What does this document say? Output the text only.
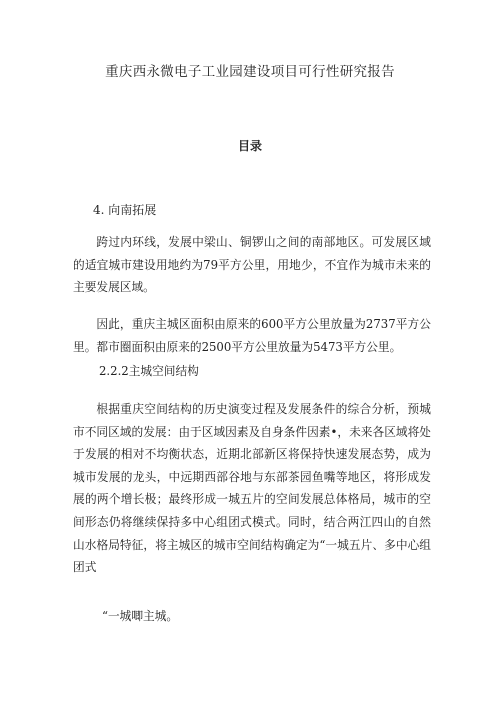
重庆西永微电子工业园建设项目可行性研究报告
目录
4. 向南拓展

跨过内环线，发展中梁山、铜锣山之间的南部地区。可发展区域的适宜城市建设用地约为79平方公里，用地少，不宜作为城市未来的主要发展区域。

因此，重庆主城区面积由原来的600平方公里放量为2737平方公里。都市圈面积由原来的2500平方公里放量为5473平方公里。

2.2.2主城空间结构

根据重庆空间结构的历史演变过程及发展条件的综合分析，预城市不同区域的发展：由于区域因素及自身条件因素•，未来各区域将处于发展的相对不均衡状态，近期北部新区将保持快速发展态势，成为城市发展的龙头，中远期西部谷地与东部茶园鱼嘴等地区，将形成发展的两个增长极；最终形成一城五片的空间发展总体格局，城市的空间形态仍将继续保持多中心组团式模式。同时，结合两江四山的自然山水格局特征，将主城区的城市空间结构确定为“一城五片、多中心组团式

“一城唧主城。
